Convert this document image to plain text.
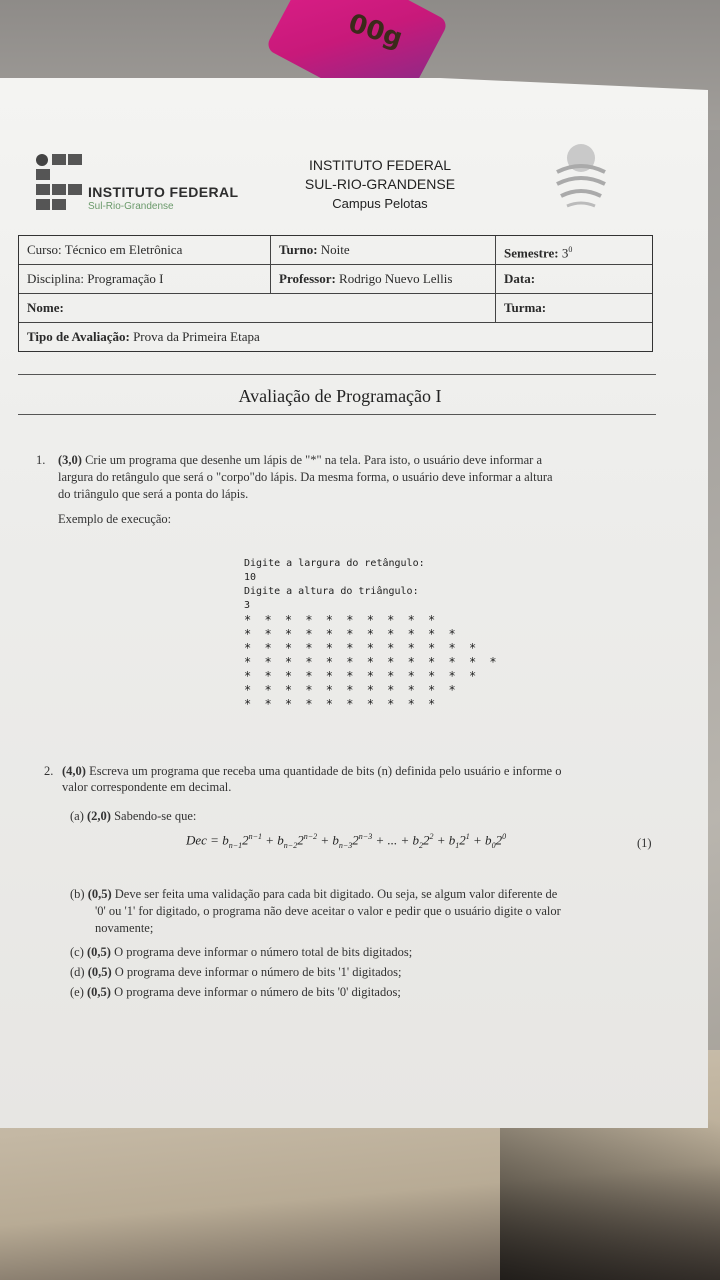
00g
INSTITUTO FEDERAL
Sul-Rio-Grandense
INSTITUTO FEDERAL
SUL-RIO-GRANDENSE
Campus Pelotas
Curso: Técnico em Eletrônica	Turno: Noite	Semestre: $3^0$
Disciplina: Programação I	Professor: Rodrigo Nuevo Lellis	Data:
Nome:	Turma:
Tipo de Avaliação: Prova da Primeira Etapa
Avaliação de Programação I
1. (3,0) Crie um programa que desenhe um lápis de "*" na tela. Para isto, o usuário deve informar a
largura do retângulo que será o "corpo"do lápis. Da mesma forma, o usuário deve informar a altura
do triângulo que será a ponta do lápis.
Exemplo de execução:
Digite a largura do retângulo:
10
Digite a altura do triângulo:
3
* * * * * * * * * *
* * * * * * * * * * *
* * * * * * * * * * * *
* * * * * * * * * * * * *
* * * * * * * * * * * *
* * * * * * * * * * *
* * * * * * * * * *
2. (4,0) Escreva um programa que receba uma quantidade de bits (n) definida pelo usuário e informe o
valor correspondente em decimal.
(a) (2,0) Sabendo-se que:
Dec = $b_{n-1}2^{n-1} + b_{n-2}2^{n-2} + b_{n-3}2^{n-3}$ + ... + $b_22^2 + b_12^1 + b_02^0$	(1)
(b) (0,5) Deve ser feita uma validação para cada bit digitado. Ou seja, se algum valor diferente de
'0' ou '1' for digitado, o programa não deve aceitar o valor e pedir que o usuário digite o valor
novamente;
(c) (0,5) O programa deve informar o número total de bits digitados;
(d) (0,5) O programa deve informar o número de bits '1' digitados;
(e) (0,5) O programa deve informar o número de bits '0' digitados;
